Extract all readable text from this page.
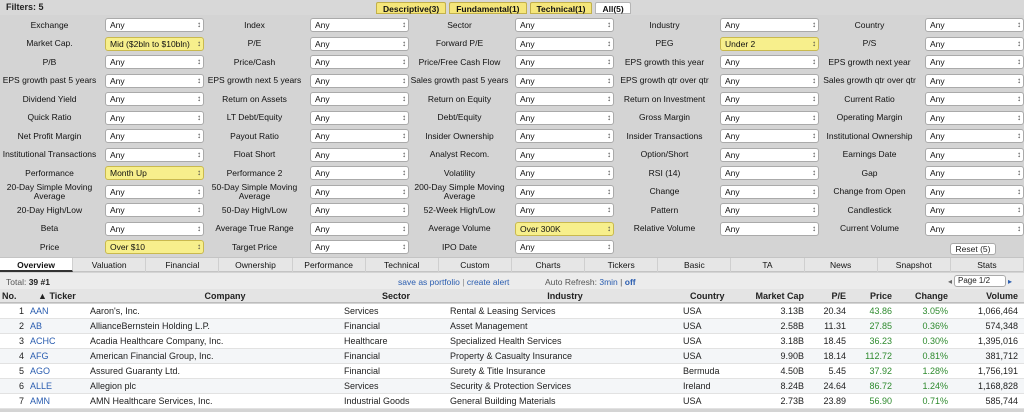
Filters: 5	Descriptive(3)	Fundamental(1)	Technical(1)	All(5)
Exchange	Any ↕	Index	Any ↕	Sector	Any ↕	Industry	Any ↕	Country	Any ↕
Market Cap.	Mid ($2bln to $10bln) ↕	P/E	Any ↕	Forward P/E	Any ↕	PEG	Under 2 ↕	P/S	Any ↕
P/B	Any ↕	Price/Cash	Any ↕	Price/Free Cash Flow	Any ↕	EPS growth this year	Any ↕	EPS growth next year	Any ↕
EPS growth past 5 years	Any ↕	EPS growth next 5 years	Any ↕	Sales growth past 5 years	Any ↕	EPS growth qtr over qtr	Any ↕	Sales growth qtr over qtr	Any ↕
Dividend Yield	Any ↕	Return on Assets	Any ↕	Return on Equity	Any ↕	Return on Investment	Any ↕	Current Ratio	Any ↕
Quick Ratio	Any ↕	LT Debt/Equity	Any ↕	Debt/Equity	Any ↕	Gross Margin	Any ↕	Operating Margin	Any ↕
Net Profit Margin	Any ↕	Payout Ratio	Any ↕	Insider Ownership	Any ↕	Insider Transactions	Any ↕	Institutional Ownership	Any ↕
Institutional Transactions	Any ↕	Float Short	Any ↕	Analyst Recom.	Any ↕	Option/Short	Any ↕	Earnings Date	Any ↕
Performance	Month Up ↕	Performance 2	Any ↕	Volatility	Any ↕	RSI (14)	Any ↕	Gap	Any ↕
20-Day Simple Moving Average	Any ↕	50-Day Simple Moving Average	Any ↕	200-Day Simple Moving Average	Any ↕	Change	Any ↕	Change from Open	Any ↕
20-Day High/Low	Any ↕	50-Day High/Low	Any ↕	52-Week High/Low	Any ↕	Pattern	Any ↕	Candlestick	Any ↕
Beta	Any ↕	Average True Range	Any ↕	Average Volume	Over 300K ↕	Relative Volume	Any ↕	Current Volume	Any ↕
Price	Over $10 ↕	Target Price	Any ↕	IPO Date	Any ↕	Reset (5)
Overview	Valuation	Financial	Ownership	Performance	Technical	Custom	Charts	Tickers	Basic	TA	News	Snapshot	Stats
Total: 39 #1	save as portfolio | create alert	Auto Refresh: 3min | off	◂ Page 1/2	▸
No.	▲ Ticker	Company	Sector	Industry	Country	Market Cap	P/E	Price	Change	Volume
1 AAN	Aaron's, Inc.	Services	Rental & Leasing Services	USA	3.13B	20.34	43.86	3.05%	1,066,464
2 AB	AllianceBernstein Holding L.P.	Financial	Asset Management	USA	2.58B	11.31	27.85	0.36%	574,348
3 ACHC	Acadia Healthcare Company, Inc.	Healthcare	Specialized Health Services	USA	3.18B	18.45	36.23	0.30%	1,395,016
4 AFG	American Financial Group, Inc.	Financial	Property & Casualty Insurance	USA	9.90B	18.14	112.72	0.81%	381,712
5 AGO	Assured Guaranty Ltd.	Financial	Surety & Title Insurance	Bermuda	4.50B	5.45	37.92	1.28%	1,756,191
6 ALLE	Allegion plc	Services	Security & Protection Services	Ireland	8.24B	24.64	86.72	1.24%	1,168,828
7 AMN	AMN Healthcare Services, Inc.	Industrial Goods	General Building Materials	USA	2.73B	23.89	56.90	0.71%	585,744
